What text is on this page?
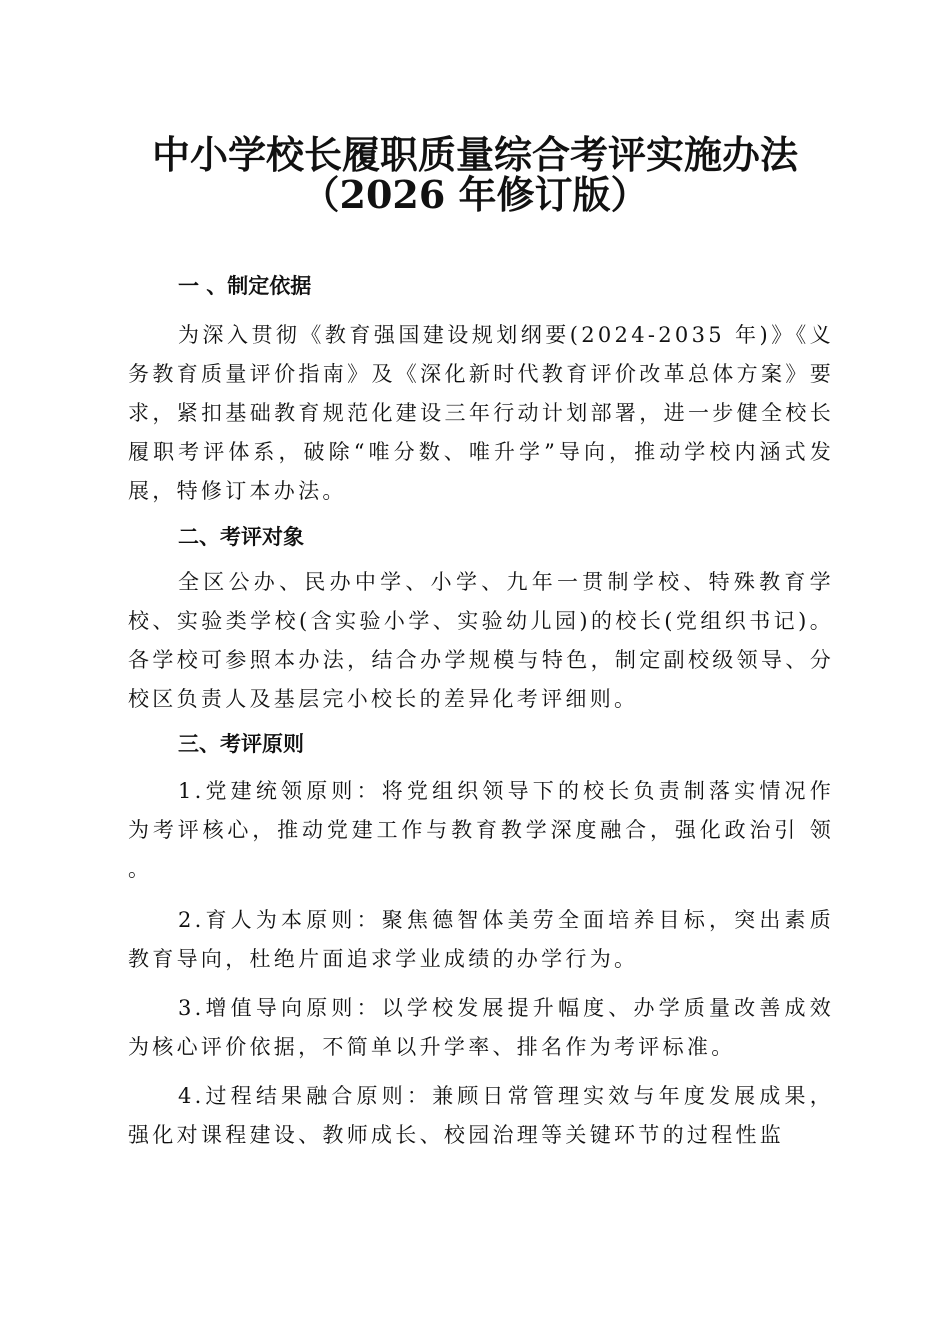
中小学校长履职质量综合考评实施办法
（2026 年修订版）

一 、制定依据

为深入贯彻《教育强国建设规划纲要(2024-2035 年)》《义务教育质量评价指南》及《深化新时代教育评价改革总体方案》要求，紧扣基础教育规范化建设三年行动计划部署，进一步健全校长履职考评体系，破除“唯分数、唯升学”导向，推动学校内涵式发展，特修订本办法。

二、考评对象

全区公办、民办中学、小学、九年一贯制学校、特殊教育学校、实验类学校(含实验小学、实验幼儿园)的校长(党组织书记)。各学校可参照本办法，结合办学规模与特色，制定副校级领导、分校区负责人及基层完小校长的差异化考评细则。

三、考评原则

1.党建统领原则：将党组织领导下的校长负责制落实情况作为考评核心，推动党建工作与教育教学深度融合，强化政治引 领 。

2.育人为本原则：聚焦德智体美劳全面培养目标，突出素质教育导向，杜绝片面追求学业成绩的办学行为。

3.增值导向原则：以学校发展提升幅度、办学质量改善成效为核心评价依据，不简单以升学率、排名作为考评标准。

4.过程结果融合原则：兼顾日常管理实效与年度发展成果，强化对课程建设、教师成长、校园治理等关键环节的过程性监
